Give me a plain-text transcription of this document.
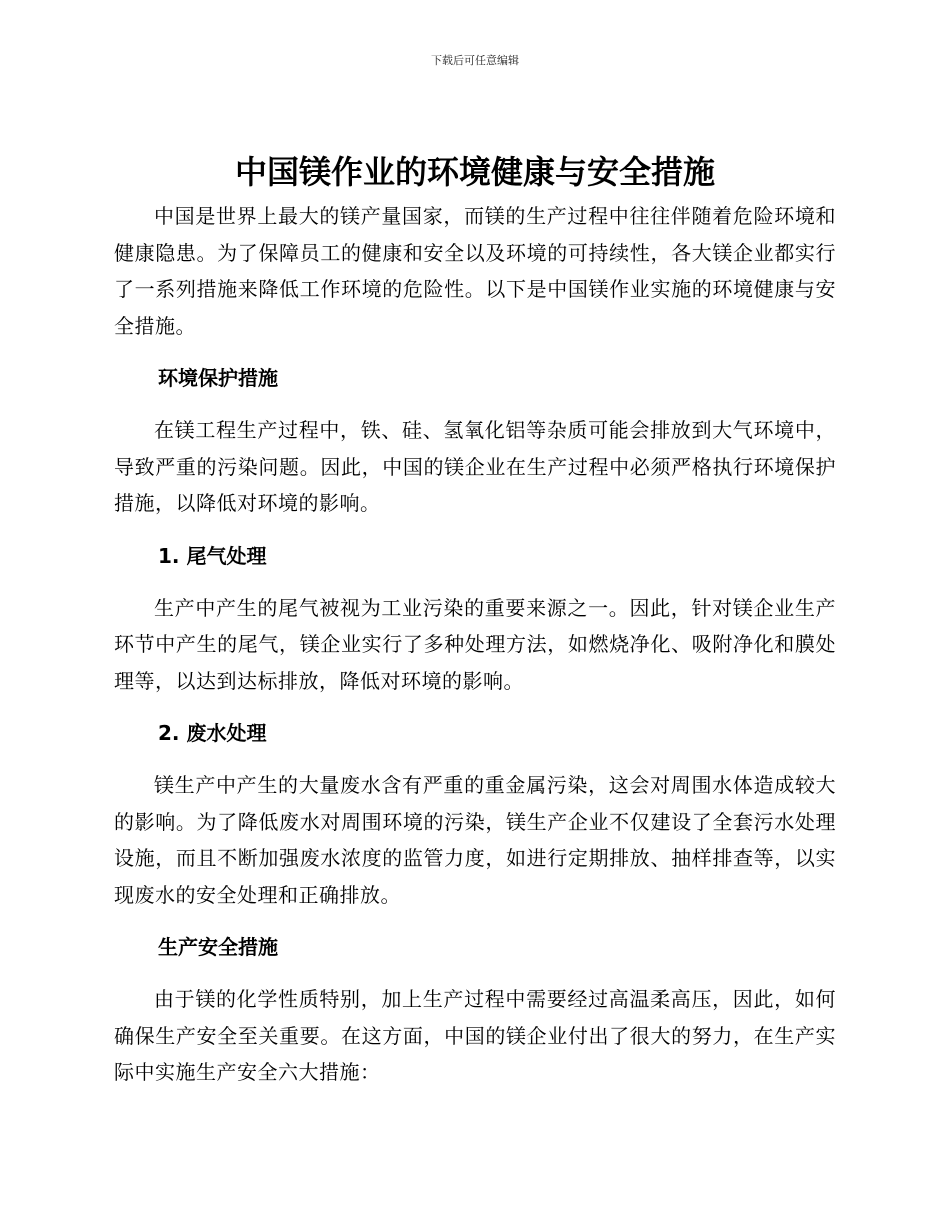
下载后可任意编辑
中国镁作业的环境健康与安全措施

中国是世界上最大的镁产量国家，而镁的生产过程中往往伴随着危险环境和健康隐患。为了保障员工的健康和安全以及环境的可持续性，各大镁企业都实行了一系列措施来降低工作环境的危险性。以下是中国镁作业实施的环境健康与安全措施。

环境保护措施

在镁工程生产过程中，铁、硅、氢氧化铝等杂质可能会排放到大气环境中，导致严重的污染问题。因此，中国的镁企业在生产过程中必须严格执行环境保护措施，以降低对环境的影响。

1. 尾气处理

生产中产生的尾气被视为工业污染的重要来源之一。因此，针对镁企业生产环节中产生的尾气，镁企业实行了多种处理方法，如燃烧净化、吸附净化和膜处理等，以达到达标排放，降低对环境的影响。

2. 废水处理

镁生产中产生的大量废水含有严重的重金属污染，这会对周围水体造成较大的影响。为了降低废水对周围环境的污染，镁生产企业不仅建设了全套污水处理设施，而且不断加强废水浓度的监管力度，如进行定期排放、抽样排查等，以实现废水的安全处理和正确排放。

生产安全措施

由于镁的化学性质特别，加上生产过程中需要经过高温柔高压，因此，如何确保生产安全至关重要。在这方面，中国的镁企业付出了很大的努力，在生产实际中实施生产安全六大措施：
